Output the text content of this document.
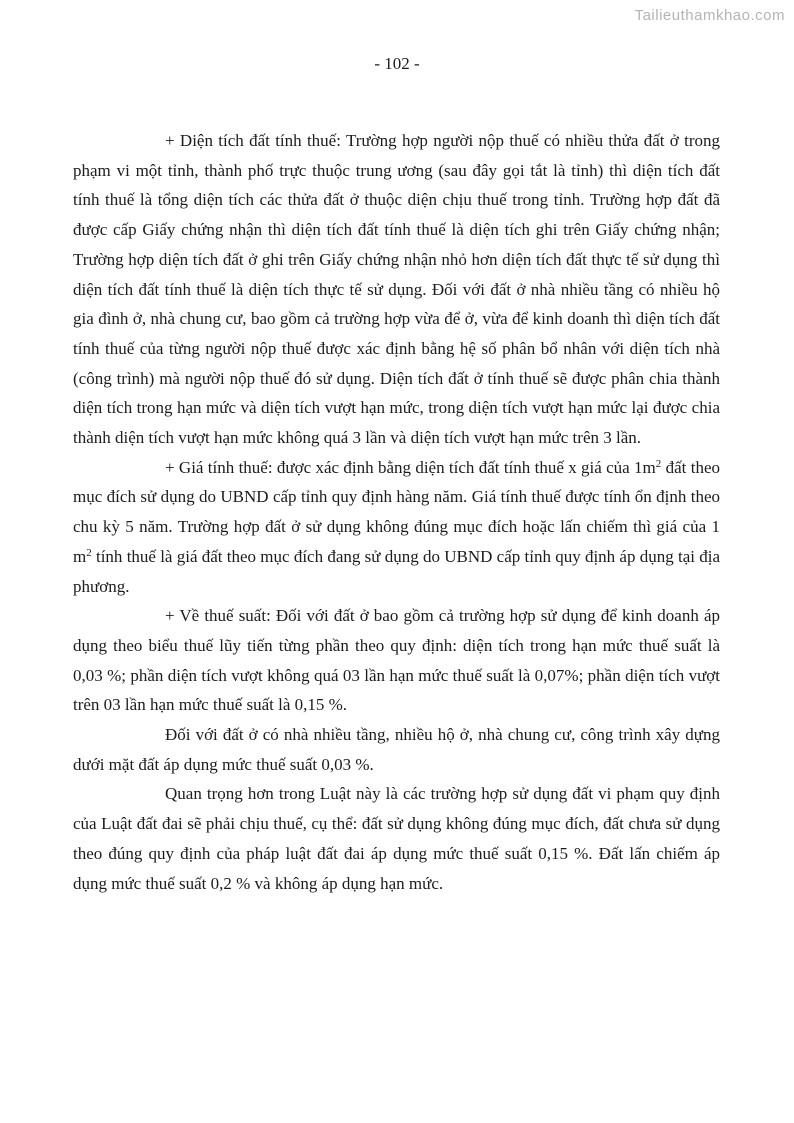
Tailieuthamkhao.com
- 102 -

+ Diện tích đất tính thuế: Trường hợp người nộp thuế có nhiều thửa đất ở trong phạm vi một tỉnh, thành phố trực thuộc trung ương (sau đây gọi tắt là tỉnh) thì diện tích đất tính thuế là tổng diện tích các thửa đất ở thuộc diện chịu thuế trong tỉnh. Trường hợp đất đã được cấp Giấy chứng nhận thì diện tích đất tính thuế là diện tích ghi trên Giấy chứng nhận; Trường hợp diện tích đất ở ghi trên Giấy chứng nhận nhỏ hơn diện tích đất thực tế sử dụng thì diện tích đất tính thuế là diện tích thực tế sử dụng. Đối với đất ở nhà nhiều tầng có nhiều hộ gia đình ở, nhà chung cư, bao gồm cả trường hợp vừa để ở, vừa để kinh doanh thì diện tích đất tính thuế của từng người nộp thuế được xác định bằng hệ số phân bổ nhân với diện tích nhà (công trình) mà người nộp thuế đó sử dụng. Diện tích đất ở tính thuế sẽ được phân chia thành diện tích trong hạn mức và diện tích vượt hạn mức, trong diện tích vượt hạn mức lại được chia thành diện tích vượt hạn mức không quá 3 lần và diện tích vượt hạn mức trên 3 lần.

+ Giá tính thuế: được xác định bằng diện tích đất tính thuế x giá của $1m^2$ đất theo mục đích sử dụng do UBND cấp tỉnh quy định hàng năm. Giá tính thuế được tính ổn định theo chu kỳ 5 năm. Trường hợp đất ở sử dụng không đúng mục đích hoặc lấn chiếm thì giá của 1 $m^2$ tính thuế là giá đất theo mục đích đang sử dụng do UBND cấp tỉnh quy định áp dụng tại địa phương.

+ Về thuế suất: Đối với đất ở bao gồm cả trường hợp sử dụng để kinh doanh áp dụng theo biểu thuế lũy tiến từng phần theo quy định: diện tích trong hạn mức thuế suất là 0,03 %; phần diện tích vượt không quá 03 lần hạn mức thuế suất là 0,07%; phần diện tích vượt trên 03 lần hạn mức thuế suất là 0,15 %.

Đối với đất ở có nhà nhiều tầng, nhiều hộ ở, nhà chung cư, công trình xây dựng dưới mặt đất áp dụng mức thuế suất 0,03 %.

Quan trọng hơn trong Luật này là các trường hợp sử dụng đất vi phạm quy định của Luật đất đai sẽ phải chịu thuế, cụ thể: đất sử dụng không đúng mục đích, đất chưa sử dụng theo đúng quy định của pháp luật đất đai áp dụng mức thuế suất 0,15 %. Đất lấn chiếm áp dụng mức thuế suất 0,2 % và không áp dụng hạn mức.
